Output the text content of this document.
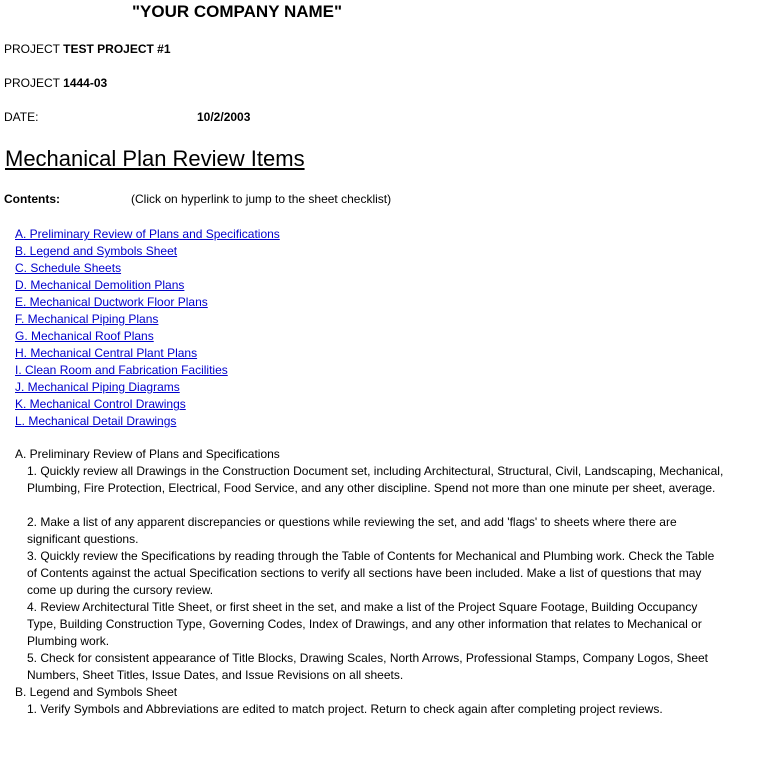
"YOUR COMPANY NAME"
PROJECT TEST PROJECT #1
PROJECT 1444-03
DATE:	10/2/2003
Mechanical Plan Review Items
Contents:	(Click on hyperlink to jump to the sheet checklist)
A. Preliminary Review of Plans and Specifications
B. Legend and Symbols Sheet
C. Schedule Sheets
D. Mechanical Demolition Plans
E. Mechanical Ductwork Floor Plans
F. Mechanical Piping Plans
G. Mechanical Roof Plans
H. Mechanical Central Plant Plans
I. Clean Room and Fabrication Facilities
J. Mechanical Piping Diagrams
K. Mechanical Control Drawings
L. Mechanical Detail Drawings
A. Preliminary Review of Plans and Specifications
1. Quickly review all Drawings in the Construction Document set, including Architectural, Structural, Civil, Landscaping, Mechanical, Plumbing, Fire Protection, Electrical, Food Service, and any other discipline. Spend not more than one minute per sheet, average.
2. Make a list of any apparent discrepancies or questions while reviewing the set, and add 'flags' to sheets where there are significant questions.
3. Quickly review the Specifications by reading through the Table of Contents for Mechanical and Plumbing work. Check the Table of Contents against the actual Specification sections to verify all sections have been included. Make a list of questions that may come up during the cursory review.
4. Review Architectural Title Sheet, or first sheet in the set, and make a list of the Project Square Footage, Building Occupancy Type, Building Construction Type, Governing Codes, Index of Drawings, and any other information that relates to Mechanical or Plumbing work.
5. Check for consistent appearance of Title Blocks, Drawing Scales, North Arrows, Professional Stamps, Company Logos, Sheet Numbers, Sheet Titles, Issue Dates, and Issue Revisions on all sheets.
B. Legend and Symbols Sheet
1. Verify Symbols and Abbreviations are edited to match project. Return to check again after completing project reviews.
